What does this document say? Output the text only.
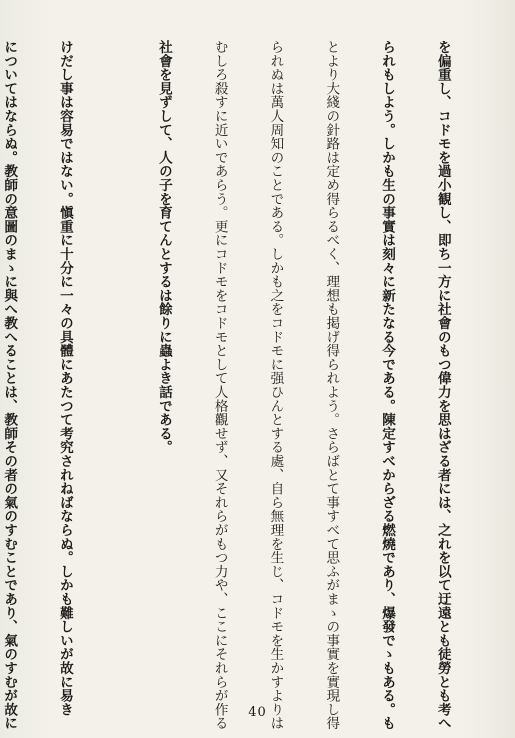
を偏重し、コドモを過小観し、即ち一方に社會のもつ偉力を思はざる者には、之れを以て迂遠とも徒勞とも考へ

られもしよう。しかも生の事實は刻々に新たなる今である。陳定すべからざる燃燒であり、爆發でゝもある。も

とより大綫の針路は定め得らるべく、理想も掲げ得られよう。さらばとて事すべて思ふがまゝの事實を實現し得

られぬは萬人周知のことである。しかも之をコドモに强ひんとする處、自ら無理を生じ、コドモを生かすよりは

むしろ殺すに近いであらう。更にコドモをコドモとして人格觀せず、又それらがもつ力や、ここにそれらが作る

社會を見ずして、人の子を育てんとするは餘りに蟲よき話である。

けだし事は容易ではない。愼重に十分に一々の具體にあたつて考究されねばならぬ。しかも難しいが故に易き

についてはならぬ。教師の意圖のまゝに與へ教へることは、教師その者の氣のすむことであり、氣のすむが故に

	40
